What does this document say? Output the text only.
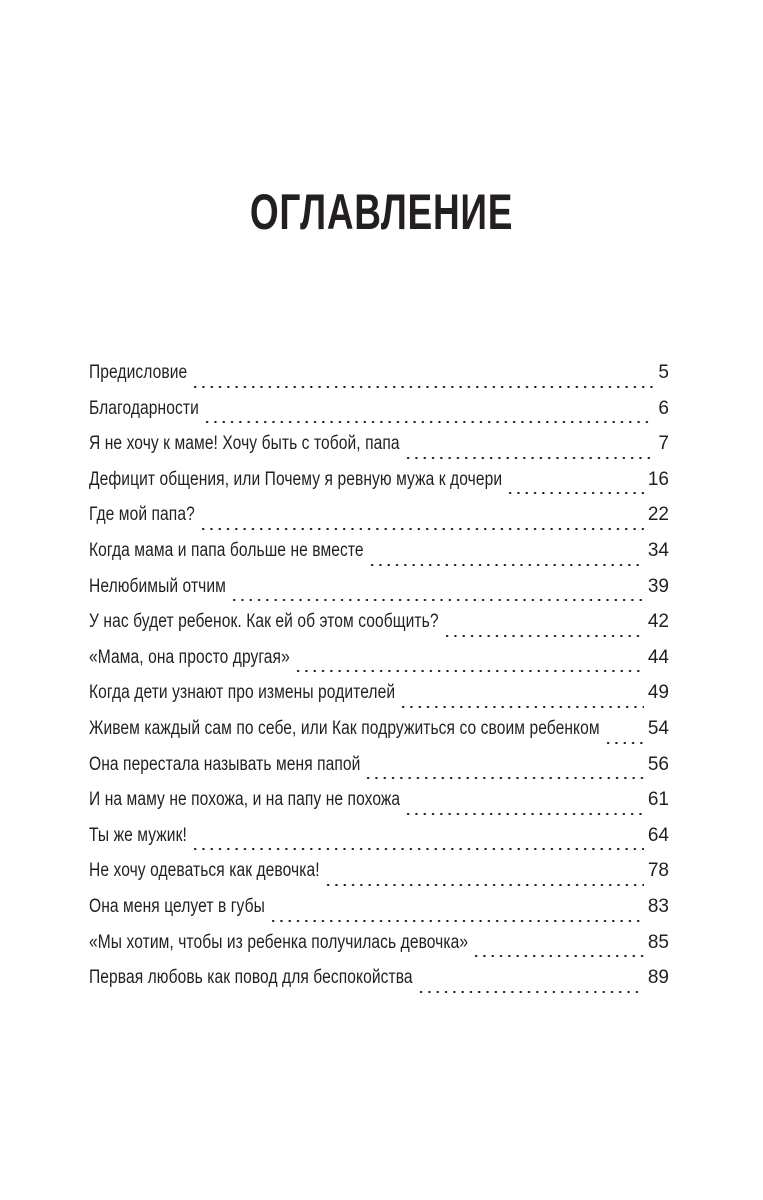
ОГЛАВЛЕНИЕ
Предисловие	5
Благодарности	6
Я не хочу к маме! Хочу быть с тобой, папа	7
Дефицит общения, или Почему я ревную мужа к дочери	16
Где мой папа?	22
Когда мама и папа больше не вместе	34
Нелюбимый отчим	39
У нас будет ребенок. Как ей об этом сообщить?	42
«Мама, она просто другая»	44
Когда дети узнают про измены родителей	49
Живем каждый сам по себе, или Как подружиться со своим ребенком	54
Она перестала называть меня папой	56
И на маму не похожа, и на папу не похожа	61
Ты же мужик!	64
Не хочу одеваться как девочка!	78
Она меня целует в губы	83
«Мы хотим, чтобы из ребенка получилась девочка»	85
Первая любовь как повод для беспокойства	89
